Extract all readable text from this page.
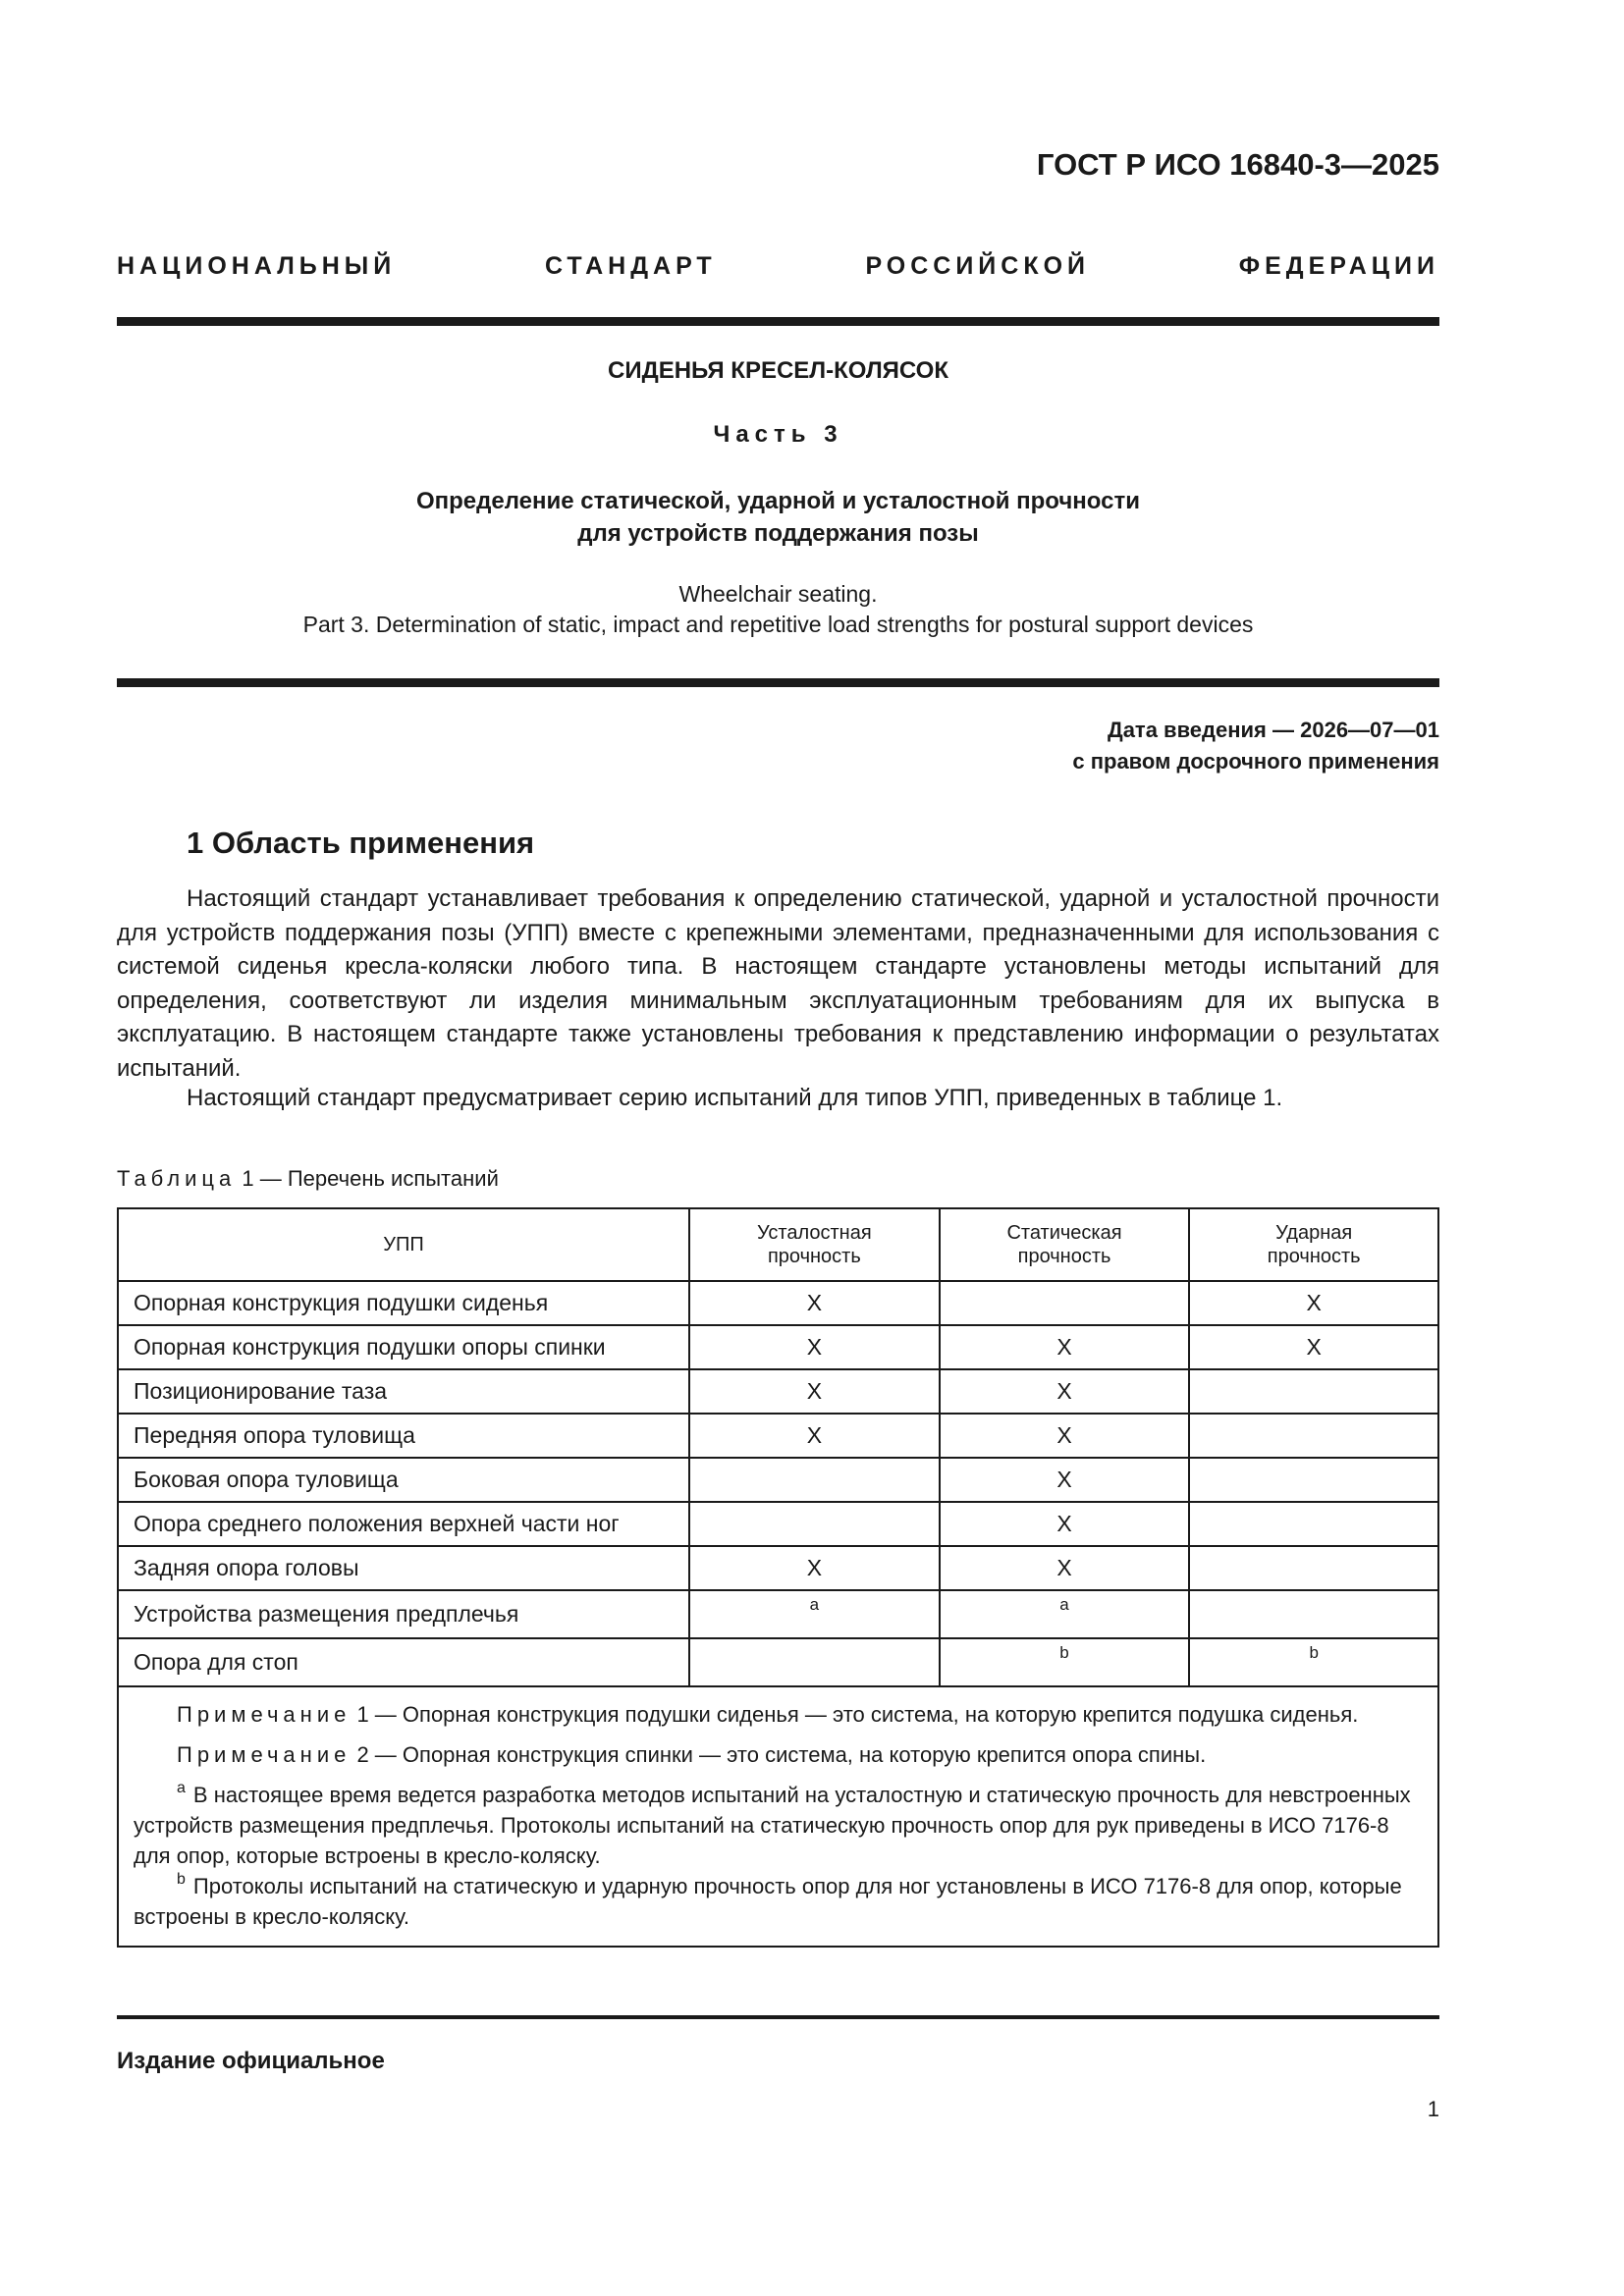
ГОСТ Р ИСО 16840-3—2025
НАЦИОНАЛЬНЫЙ СТАНДАРТ РОССИЙСКОЙ ФЕДЕРАЦИИ
СИДЕНЬЯ КРЕСЕЛ-КОЛЯСОК
Часть 3
Определение статической, ударной и усталостной прочности
для устройств поддержания позы
Wheelchair seating.
Part 3. Determination of static, impact and repetitive load strengths for postural support devices
Дата введения — 2026—07—01
с правом досрочного применения
1 Область применения
Настоящий стандарт устанавливает требования к определению статической, ударной и усталостной прочности для устройств поддержания позы (УПП) вместе с крепежными элементами, предназначенными для использования с системой сиденья кресла-коляски любого типа. В настоящем стандарте установлены методы испытаний для определения, соответствуют ли изделия минимальным эксплуатационным требованиям для их выпуска в эксплуатацию. В настоящем стандарте также установлены требования к представлению информации о результатах испытаний.
Настоящий стандарт предусматривает серию испытаний для типов УПП, приведенных в таблице 1.
Таблица 1 — Перечень испытаний
УПП	Усталостная прочность	Статическая прочность	Ударная прочность

Опорная конструкция подушки сиденья	X		X
Опорная конструкция подушки опоры спинки	X	X	X
Позиционирование таза	X	X	
Передняя опора туловища	X	X	
Боковая опора туловища		X	
Опора среднего положения верхней части ног		X	
Задняя опора головы	X	X	
Устройства размещения предплечья	a	a	
Опора для стоп		b	b

Примечание 1 — Опорная конструкция подушки сиденья — это система, на которую крепится подушка сиденья.

Примечание 2 — Опорная конструкция спинки — это система, на которую крепится опора спины.

$^a$ В настоящее время ведется разработка методов испытаний на усталостную и статическую прочность для невстроенных устройств размещения предплечья. Протоколы испытаний на статическую прочность опор для рук приведены в ИСО 7176-8 для опор, которые встроены в кресло-коляску.

$^b$ Протоколы испытаний на статическую и ударную прочность опор для ног установлены в ИСО 7176-8 для опор, которые встроены в кресло-коляску.			

Издание официальное
1
